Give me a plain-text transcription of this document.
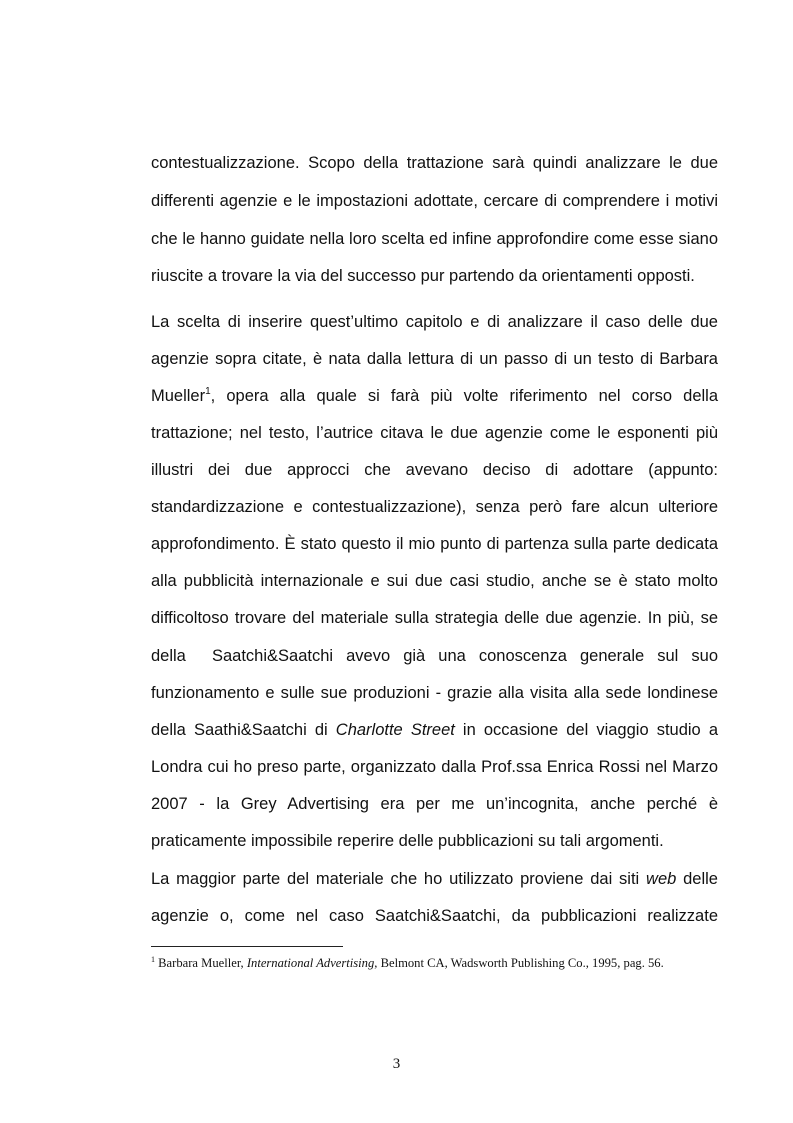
contestualizzazione. Scopo della trattazione sarà quindi analizzare le due
differenti agenzie e le impostazioni adottate, cercare di comprendere i motivi
che le hanno guidate nella loro scelta ed infine approfondire come esse siano
riuscite a trovare la via del successo pur partendo da orientamenti opposti.
La scelta di inserire quest’ultimo capitolo e di analizzare il caso delle due
agenzie sopra citate, è nata dalla lettura di un passo di un testo di Barbara
Mueller$^1$, opera alla quale si farà più volte riferimento nel corso della
trattazione; nel testo, l’autrice citava le due agenzie come le esponenti più
illustri dei due approcci che avevano deciso di adottare (appunto:
standardizzazione e contestualizzazione), senza però fare alcun ulteriore
approfondimento. È stato questo il mio punto di partenza sulla parte dedicata
alla pubblicità internazionale e sui due casi studio, anche se è stato molto
difficoltoso trovare del materiale sulla strategia delle due agenzie. In più, se
della  Saatchi&Saatchi avevo già una conoscenza generale sul suo
funzionamento e sulle sue produzioni - grazie alla visita alla sede londinese
della Saathi&Saatchi di Charlotte Street in occasione del viaggio studio a
Londra cui ho preso parte, organizzato dalla Prof.ssa Enrica Rossi nel Marzo
2007 - la Grey Advertising era per me un’incognita, anche perché è
praticamente impossibile reperire delle pubblicazioni su tali argomenti.
La maggior parte del materiale che ho utilizzato proviene dai siti web delle
agenzie o, come nel caso Saatchi&Saatchi, da pubblicazioni realizzate
$^1$ Barbara Mueller, International Advertising, Belmont CA, Wadsworth Publishing Co., 1995, pag. 56.
3
